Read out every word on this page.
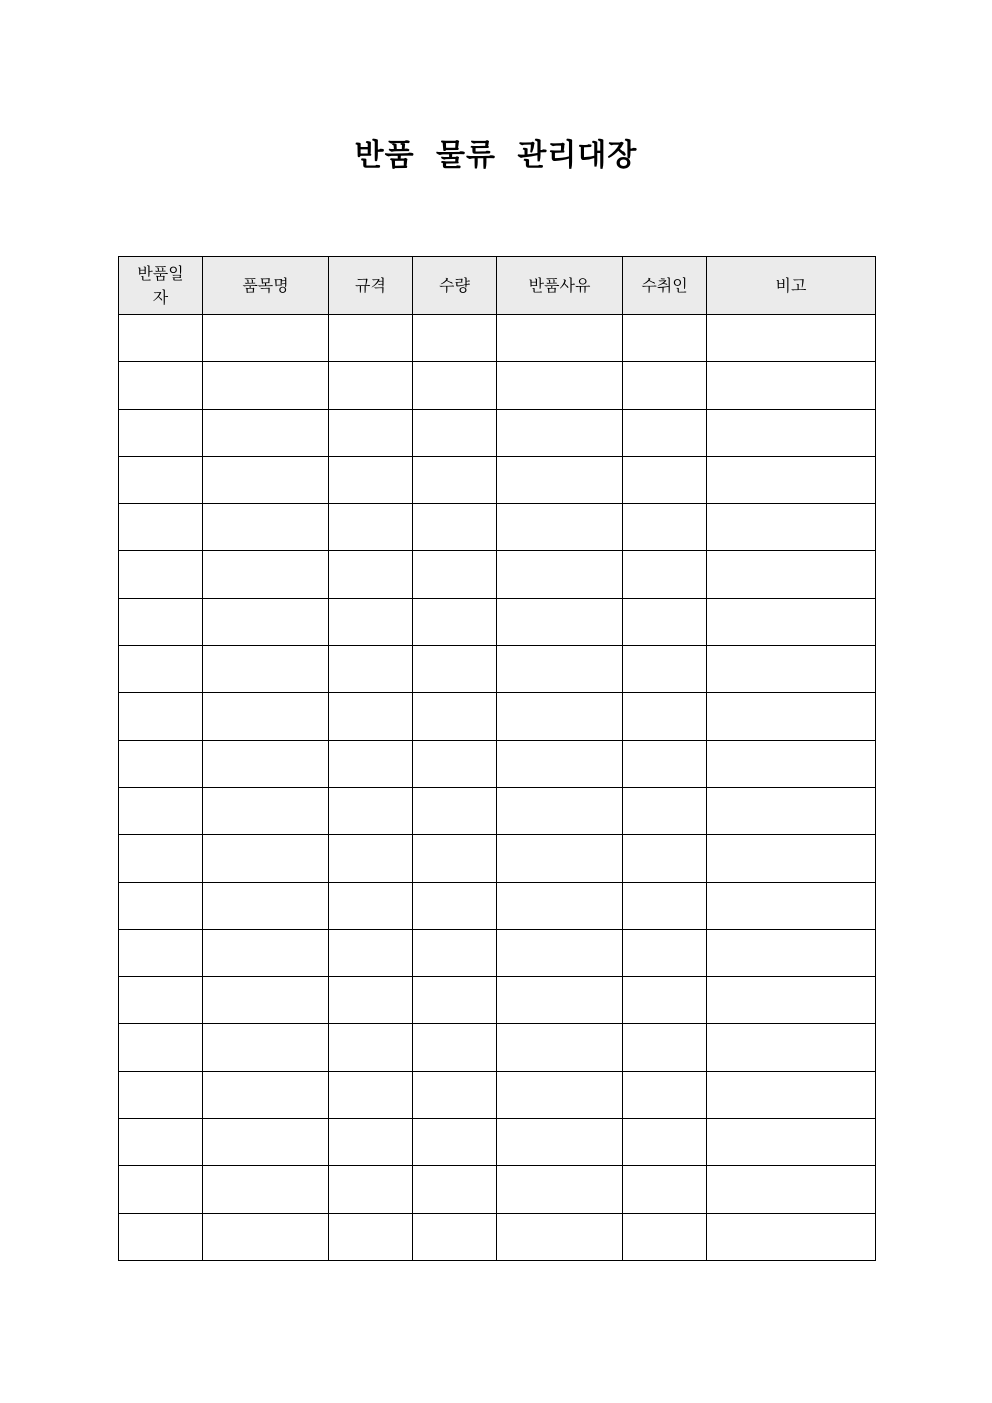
반품 물류 관리대장
반품일
자	품목명	규격	수량	반품사유	수취인	비고
